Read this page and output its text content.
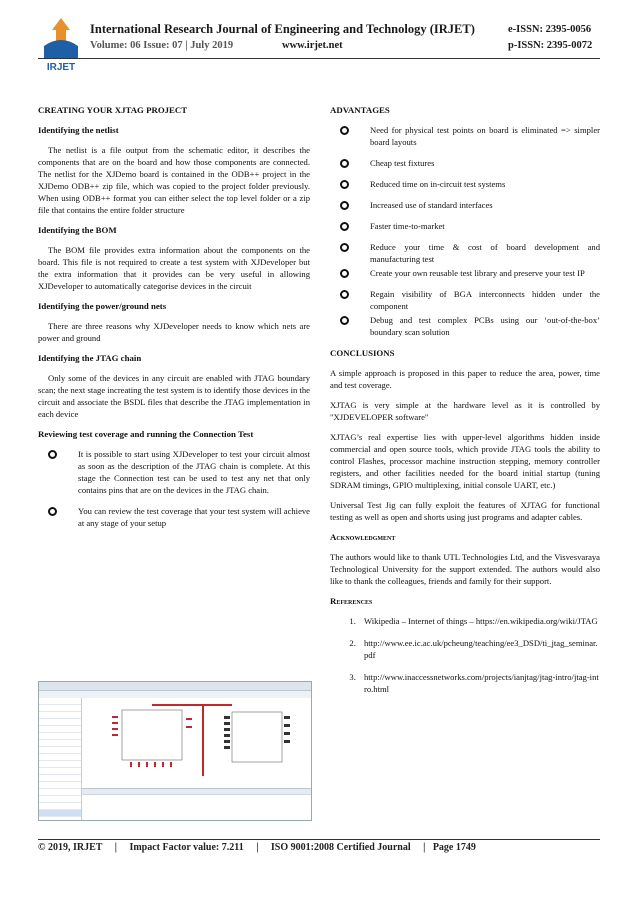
IRJET
International Research Journal of Engineering and Technology (IRJET)	e-ISSN: 2395-0056
Volume: 06 Issue: 07 | July 2019	www.irjet.net	p-ISSN: 2395-0072
CREATING YOUR XJTAG PROJECT
Identifying the netlist

The netlist is a file output from the schematic editor, it describes the components that are on the board and how those components are connected. The netlist for the XJDemo board is contained in the ODB++ project in the XJDemo ODB++ zip file, which was copied to the project folder previously. When using ODB++ format you can either select the top level folder or a zip file that contains the entire folder structure

Identifying the BOM

The BOM file provides extra information about the components on the board. This file is not required to create a test system with XJDeveloper but the extra information that it provides can be very useful in allowing XJDeveloper to automatically categorise devices in the circuit

Identifying the power/ground nets

There are three reasons why XJDeveloper needs to know which nets are power and ground

Identifying the JTAG chain

Only some of the devices in any circuit are enabled with JTAG boundary scan; the next stage increating the test system is to identify those devices in the circuit and associate the BSDL files that describe the JTAG implementation in each device

Reviewing test coverage and running the Connection Test
It is possible to start using XJDeveloper to test your circuit almost as soon as the description of the JTAG chain is complete. At this stage the Connection test can be used to test any net that only contains pins that are on the devices in the JTAG chain.
You can review the test coverage that your test system will achieve at any stage of your setup
ADVANTAGES
Need for physical test points on board is eliminated => simpler board layouts
Cheap test fixtures
Reduced time on in-circuit test systems
Increased use of standard interfaces
Faster time-to-market
Reduce your time & cost of board development and manufacturing test
Create your own reusable test library and preserve your test IP
Regain visibility of BGA interconnects hidden under the component
Debug and test complex PCBs using our ‘out-of-the-box’ boundary scan solution
CONCLUSIONS

A simple approach is proposed in this paper to reduce the area, power, time and test coverage.

XJTAG is very simple at the hardware level as it is controlled by "XJDEVELOPER software"

XJTAG’s real expertise lies with upper-level algorithms hidden inside commercial and open source tools, which provide JTAG tools the ability to control Flashes, processor machine instruction stepping, memory controller registers, and other facilities needed for the board initial startup (tuning SDRAM timings, GPIO multiplexing, initial console UART, etc.)

Universal Test Jig can fully exploit the features of XJTAG for functional testing as well as open and shorts using just programs and adapter cables.

Acknowledgment

The authors would like to thank UTL Technologies Ltd, and the Visvesvaraya Technological University for the support extended. The authors would also like to thank the colleagues, friends and family for their support.

References
1. Wikipedia – Internet of things – https://en.wikipedia.org/wiki/JTAG
2. http://www.ee.ic.ac.uk/pcheung/teaching/ee3_DSD/ti_jtag_seminar.pdf
3. http://www.inaccessnetworks.com/projects/ianjtag/jtag-intro/jtag-intro.html
© 2019, IRJET     |     Impact Factor value: 7.211     |     ISO 9001:2008 Certified Journal     |   Page 1749
